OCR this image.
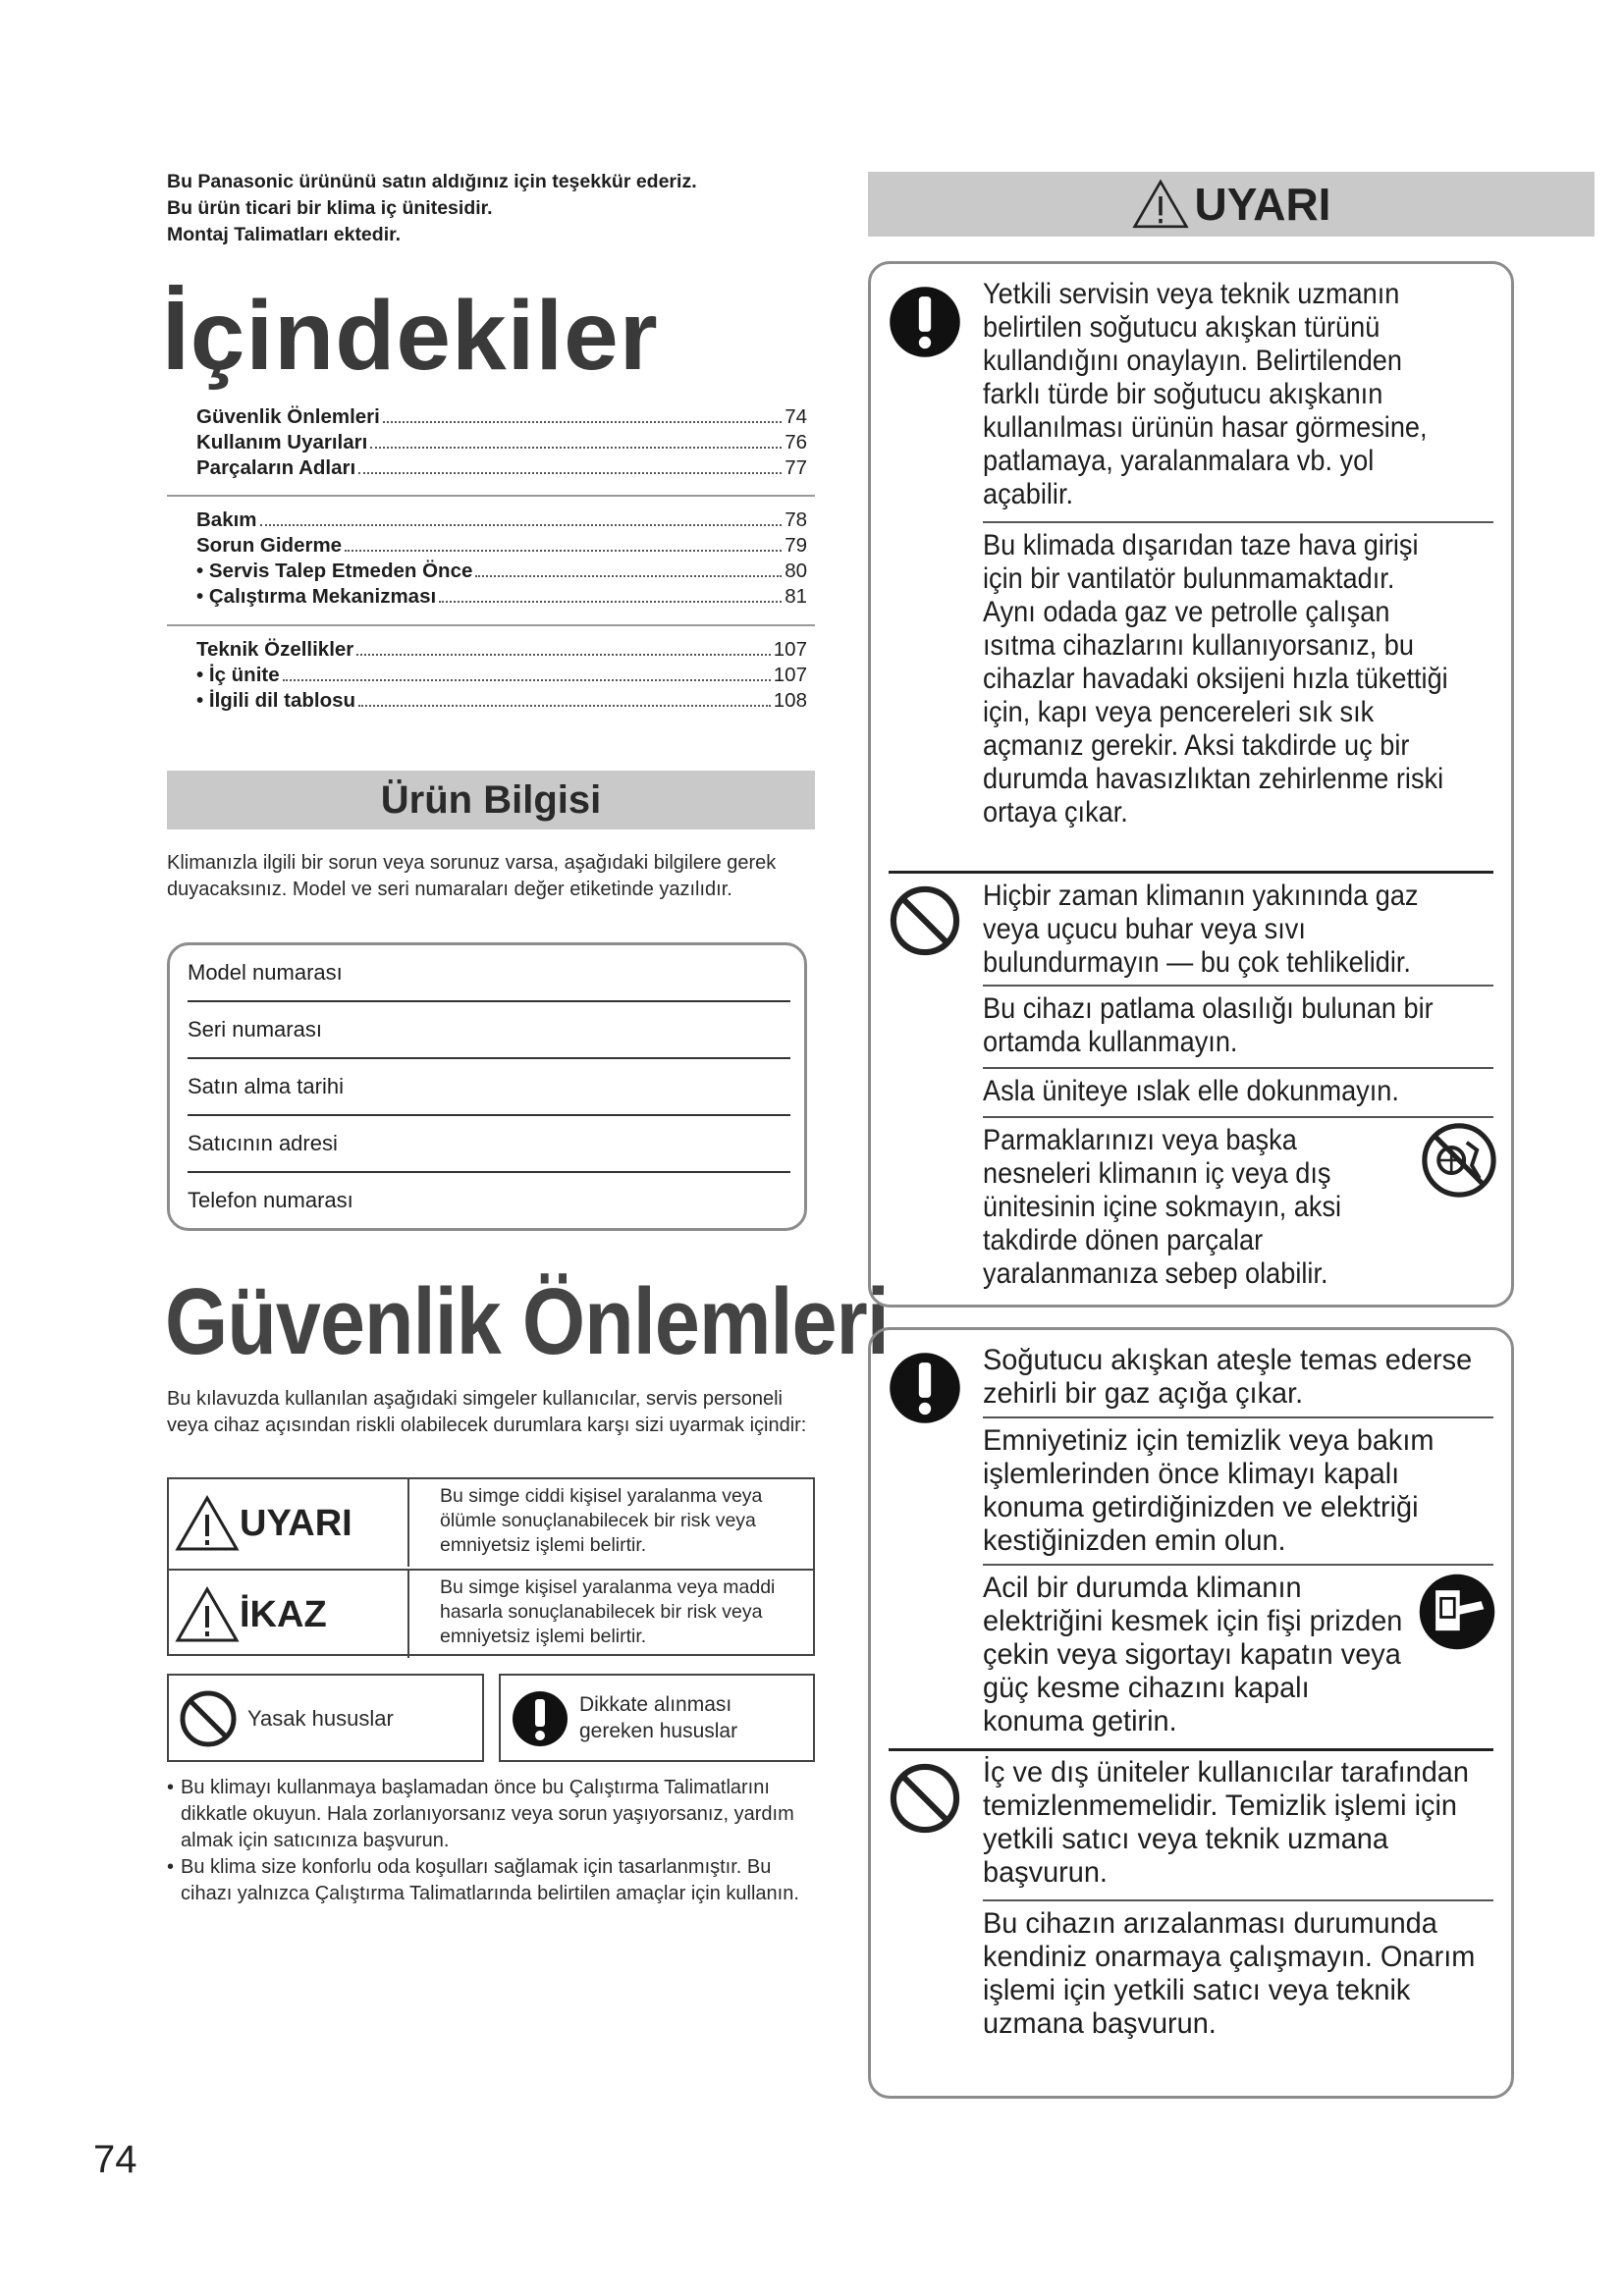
Bu Panasonic ürününü satın aldığınız için teşekkür ederiz.
Bu ürün ticari bir klima iç ünitesidir.
Montaj Talimatları ektedir.
İçindekiler
Güvenlik Önlemleri	74
Kullanım Uyarıları	76
Parçaların Adları	77
Bakım	78
Sorun Giderme	79
• Servis Talep Etmeden Önce	80
• Çalıştırma Mekanizması	81
Teknik Özellikler	107
• İç ünite	107
• İlgili dil tablosu	108
Ürün Bilgisi
Klimanızla ilgili bir sorun veya sorunuz varsa, aşağıdaki bilgilere gerek duyacaksınız. Model ve seri numaraları değer etiketinde yazılıdır.
Model numarası
Seri numarası
Satın alma tarihi
Satıcının adresi
Telefon numarası
Güvenlik Önlemleri
Bu kılavuzda kullanılan aşağıdaki simgeler kullanıcılar, servis personeli veya cihaz açısından riskli olabilecek durumlara karşı sizi uyarmak içindir:
UYARI
Bu simge ciddi kişisel yaralanma veya ölümle sonuçlanabilecek bir risk veya emniyetsiz işlemi belirtir.
İKAZ
Bu simge kişisel yaralanma veya maddi hasarla sonuçlanabilecek bir risk veya emniyetsiz işlemi belirtir.
Yasak hususlar
Dikkate alınması gereken hususlar
• Bu klimayı kullanmaya başlamadan önce bu Çalıştırma Talimatlarını dikkatle okuyun. Hala zorlanıyorsanız veya sorun yaşıyorsanız, yardım almak için satıcınıza başvurun.
• Bu klima size konforlu oda koşulları sağlamak için tasarlanmıştır. Bu cihazı yalnızca Çalıştırma Talimatlarında belirtilen amaçlar için kullanın.
74
UYARI
Yetkili servisin veya teknik uzmanın belirtilen soğutucu akışkan türünü kullandığını onaylayın. Belirtilenden farklı türde bir soğutucu akışkanın kullanılması ürünün hasar görmesine, patlamaya, yaralanmalara vb. yol açabilir.
Bu klimada dışarıdan taze hava girişi için bir vantilatör bulunmamaktadır. Aynı odada gaz ve petrolle çalışan ısıtma cihazlarını kullanıyorsanız, bu cihazlar havadaki oksijeni hızla tükettiği için, kapı veya pencereleri sık sık açmanız gerekir. Aksi takdirde uç bir durumda havasızlıktan zehirlenme riski ortaya çıkar.
Hiçbir zaman klimanın yakınında gaz veya uçucu buhar veya sıvı bulundurmayın — bu çok tehlikelidir.
Bu cihazı patlama olasılığı bulunan bir ortamda kullanmayın.
Asla üniteye ıslak elle dokunmayın.
Parmaklarınızı veya başka nesneleri klimanın iç veya dış ünitesinin içine sokmayın, aksi takdirde dönen parçalar yaralanmanıza sebep olabilir.
Soğutucu akışkan ateşle temas ederse zehirli bir gaz açığa çıkar.
Emniyetiniz için temizlik veya bakım işlemlerinden önce klimayı kapalı konuma getirdiğinizden ve elektriği kestiğinizden emin olun.
Acil bir durumda klimanın elektriğini kesmek için fişi prizden çekin veya sigortayı kapatın veya güç kesme cihazını kapalı konuma getirin.
İç ve dış üniteler kullanıcılar tarafından temizlenmemelidir. Temizlik işlemi için yetkili satıcı veya teknik uzmana başvurun.
Bu cihazın arızalanması durumunda kendiniz onarmaya çalışmayın. Onarım işlemi için yetkili satıcı veya teknik uzmana başvurun.
